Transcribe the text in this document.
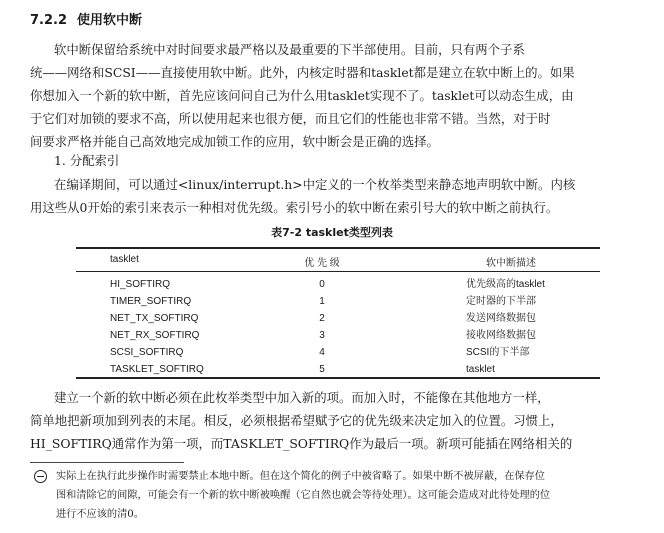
7.2.2 使用软中断
软中断保留给系统中对时间要求最严格以及最重要的下半部使用。目前，只有两个子系
统——网络和SCSI——直接使用软中断。此外，内核定时器和tasklet都是建立在软中断上的。如果
你想加入一个新的软中断，首先应该问问自己为什么用tasklet实现不了。tasklet可以动态生成，由
于它们对加锁的要求不高，所以使用起来也很方便，而且它们的性能也非常不错。当然，对于时
间要求严格并能自己高效地完成加锁工作的应用，软中断会是正确的选择。
1. 分配索引
在编译期间，可以通过<linux/interrupt.h>中定义的一个枚举类型来静态地声明软中断。内核
用这些从0开始的索引来表示一种相对优先级。索引号小的软中断在索引号大的软中断之前执行。
表7-2 tasklet类型列表
tasklet	优 先 级	软中断描述
HI_SOFTIRQ	0	优先级高的tasklet
TIMER_SOFTIRQ	1	定时器的下半部
NET_TX_SOFTIRQ	2	发送网络数据包
NET_RX_SOFTIRQ	3	接收网络数据包
SCSI_SOFTIRQ	4	SCSI的下半部
TASKLET_SOFTIRQ	5	tasklet
建立一个新的软中断必须在此枚举类型中加入新的项。而加入时，不能像在其他地方一样，
简单地把新项加到列表的末尾。相反，必须根据希望赋予它的优先级来决定加入的位置。习惯上，
HI_SOFTIRQ通常作为第一项，而TASKLET_SOFTIRQ作为最后一项。新项可能插在网络相关的
实际上在执行此步操作时需要禁止本地中断。但在这个简化的例子中被省略了。如果中断不被屏蔽，在保存位
图和清除它的间隙，可能会有一个新的软中断被唤醒（它自然也就会等待处理）。这可能会造成对此待处理的位
进行不应该的清0。
